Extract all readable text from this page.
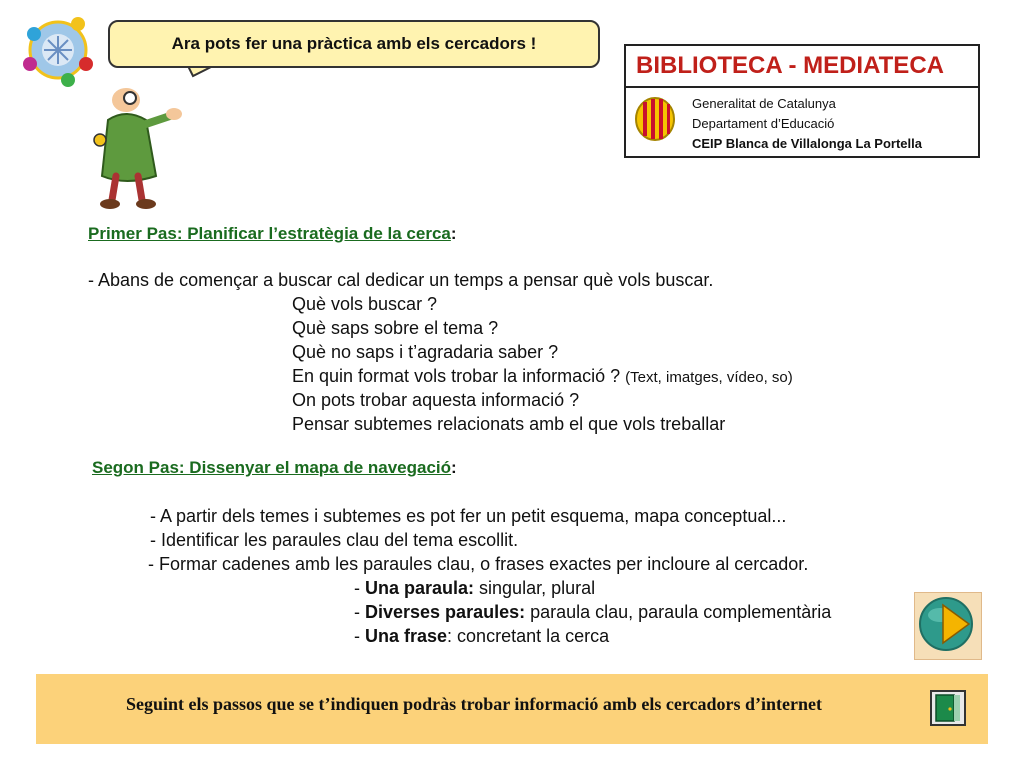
Ara pots fer una pràctica amb els cercadors !
BIBLIOTECA - MEDIATECA
Generalitat de Catalunya
Departament d’Educació
CEIP Blanca de Villalonga La Portella
Primer Pas: Planificar l’estratègia de la cerca:
- Abans de començar a buscar cal dedicar un temps a pensar què vols buscar.
Què vols buscar ?
Què saps sobre el tema ?
Què no saps i t’agradaria saber ?
En quin format vols trobar la informació ? (Text, imatges, vídeo, so)
On pots trobar aquesta informació ?
Pensar subtemes relacionats amb el que vols treballar
Segon Pas: Dissenyar el mapa de navegació:
- A partir dels temes i subtemes es pot fer un petit esquema, mapa conceptual...
- Identificar les paraules clau del tema escollit.
- Formar cadenes amb les paraules clau, o frases exactes per incloure al cercador.
- Una paraula: singular, plural
- Diverses paraules: paraula clau, paraula complementària
- Una frase: concretant la cerca
Seguint els passos que se t’indiquen podràs trobar informació amb els cercadors d’internet
